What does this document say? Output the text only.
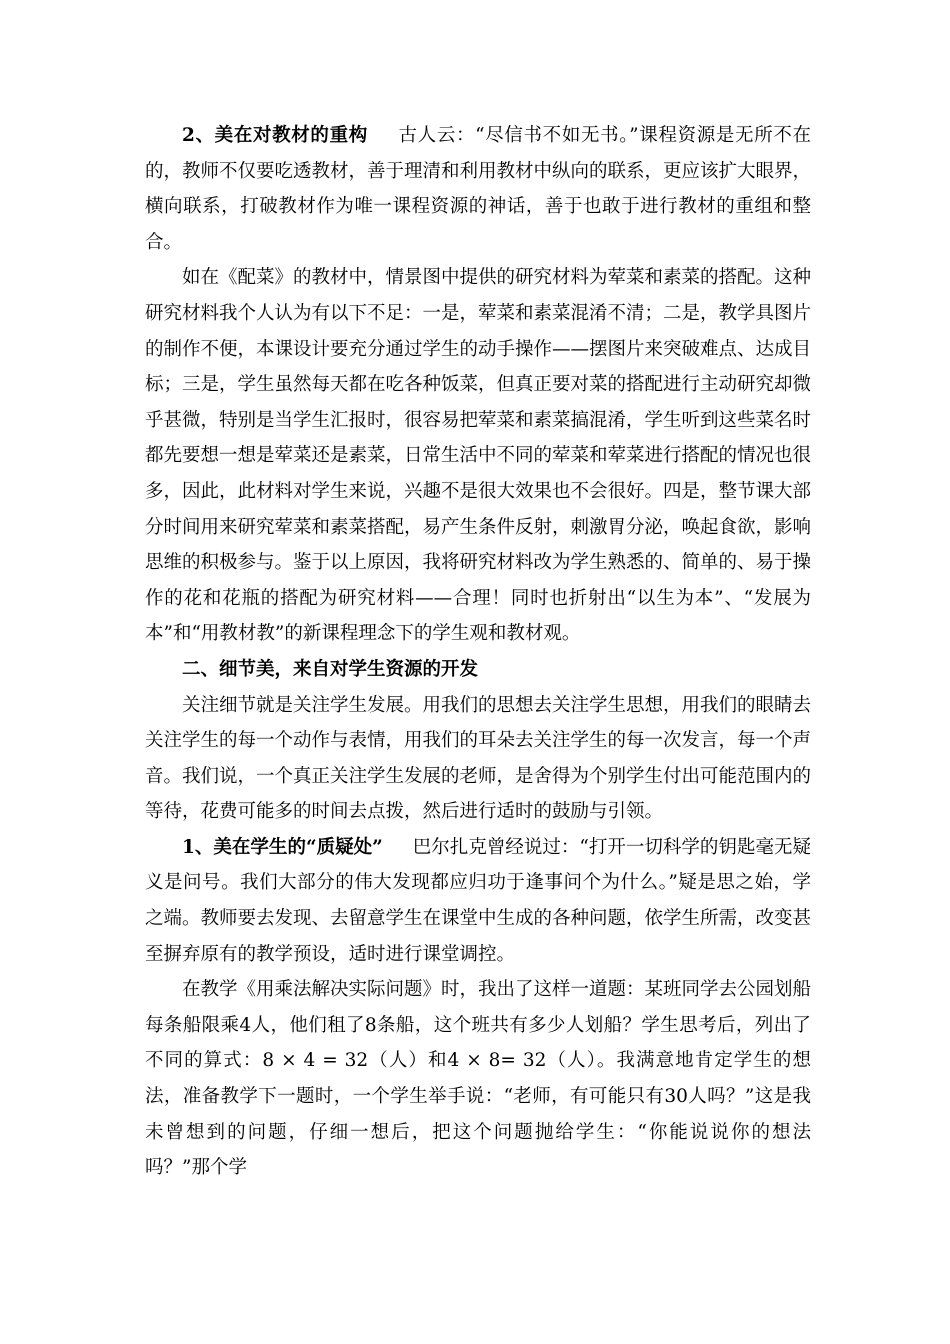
2、美在对教材的重构 古人云：“尽信书不如无书。”课程资源是无所不在的，教师不仅要吃透教材，善于理清和利用教材中纵向的联系，更应该扩大眼界，横向联系，打破教材作为唯一课程资源的神话，善于也敢于进行教材的重组和整合。

如在《配菜》的教材中，情景图中提供的研究材料为荤菜和素菜的搭配。这种研究材料我个人认为有以下不足：一是，荤菜和素菜混淆不清；二是，教学具图片的制作不便，本课设计要充分通过学生的动手操作——摆图片来突破难点、达成目标；三是，学生虽然每天都在吃各种饭菜，但真正要对菜的搭配进行主动研究却微乎甚微，特别是当学生汇报时，很容易把荤菜和素菜搞混淆，学生听到这些菜名时都先要想一想是荤菜还是素菜，日常生活中不同的荤菜和荤菜进行搭配的情况也很多，因此，此材料对学生来说，兴趣不是很大效果也不会很好。四是，整节课大部分时间用来研究荤菜和素菜搭配，易产生条件反射，刺激胃分泌，唤起食欲，影响思维的积极参与。鉴于以上原因，我将研究材料改为学生熟悉的、简单的、易于操作的花和花瓶的搭配为研究材料——合理！同时也折射出“以生为本”、“发展为本”和“用教材教”的新课程理念下的学生观和教材观。

二、细节美，来自对学生资源的开发

关注细节就是关注学生发展。用我们的思想去关注学生思想，用我们的眼睛去关注学生的每一个动作与表情，用我们的耳朵去关注学生的每一次发言，每一个声音。我们说，一个真正关注学生发展的老师，是舍得为个别学生付出可能范围内的等待，花费可能多的时间去点拨，然后进行适时的鼓励与引领。

1、美在学生的“质疑处” 巴尔扎克曾经说过：“打开一切科学的钥匙毫无疑义是问号。我们大部分的伟大发现都应归功于逢事问个为什么。”疑是思之始，学之端。教师要去发现、去留意学生在课堂中生成的各种问题，依学生所需，改变甚至摒弃原有的教学预设，适时进行课堂调控。

在教学《用乘法解决实际问题》时，我出了这样一道题：某班同学去公园划船每条船限乘4人，他们租了8条船，这个班共有多少人划船？学生思考后，列出了不同的算式：8 × 4 = 32（人）和4 × 8= 32（人）。我满意地肯定学生的想法，准备教学下一题时，一个学生举手说：“老师，有可能只有30人吗？”这是我未曾想到的问题，仔细一想后，把这个问题抛给学生：“你能说说你的想法吗？”那个学
